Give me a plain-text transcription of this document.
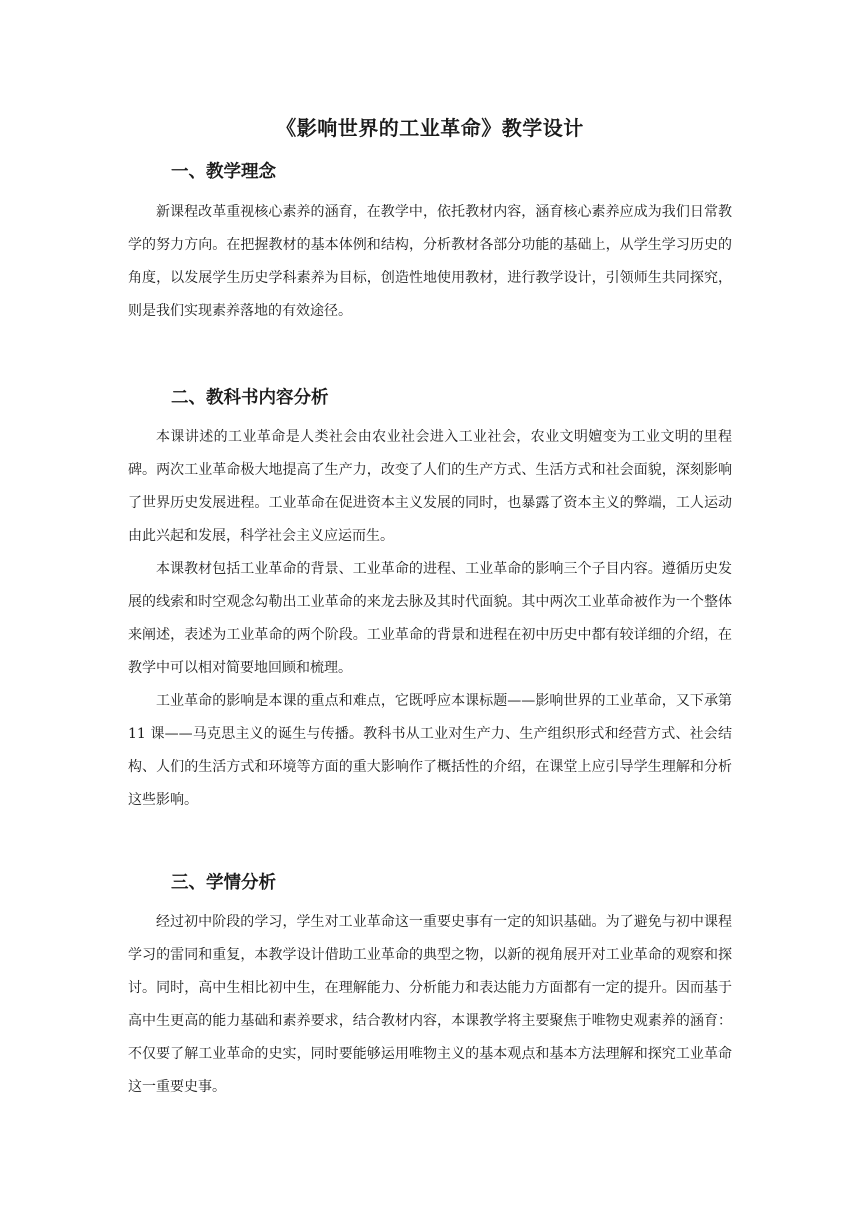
《影响世界的工业革命》教学设计
一、教学理念

新课程改革重视核心素养的涵育，在教学中，依托教材内容，涵育核心素养应成为我们日常教学的努力方向。在把握教材的基本体例和结构，分析教材各部分功能的基础上，从学生学习历史的角度，以发展学生历史学科素养为目标，创造性地使用教材，进行教学设计，引领师生共同探究，则是我们实现素养落地的有效途径。

二、教科书内容分析

本课讲述的工业革命是人类社会由农业社会进入工业社会，农业文明嬗变为工业文明的里程碑。两次工业革命极大地提高了生产力，改变了人们的生产方式、生活方式和社会面貌，深刻影响了世界历史发展进程。工业革命在促进资本主义发展的同时，也暴露了资本主义的弊端，工人运动由此兴起和发展，科学社会主义应运而生。

本课教材包括工业革命的背景、工业革命的进程、工业革命的影响三个子目内容。遵循历史发展的线索和时空观念勾勒出工业革命的来龙去脉及其时代面貌。其中两次工业革命被作为一个整体来阐述，表述为工业革命的两个阶段。工业革命的背景和进程在初中历史中都有较详细的介绍，在教学中可以相对简要地回顾和梳理。

工业革命的影响是本课的重点和难点，它既呼应本课标题——影响世界的工业革命，又下承第 11 课——马克思主义的诞生与传播。教科书从工业对生产力、生产组织形式和经营方式、社会结构、人们的生活方式和环境等方面的重大影响作了概括性的介绍，在课堂上应引导学生理解和分析这些影响。

三、学情分析

经过初中阶段的学习，学生对工业革命这一重要史事有一定的知识基础。为了避免与初中课程学习的雷同和重复，本教学设计借助工业革命的典型之物，以新的视角展开对工业革命的观察和探讨。同时，高中生相比初中生，在理解能力、分析能力和表达能力方面都有一定的提升。因而基于高中生更高的能力基础和素养要求，结合教材内容，本课教学将主要聚焦于唯物史观素养的涵育：不仅要了解工业革命的史实，同时要能够运用唯物主义的基本观点和基本方法理解和探究工业革命这一重要史事。
